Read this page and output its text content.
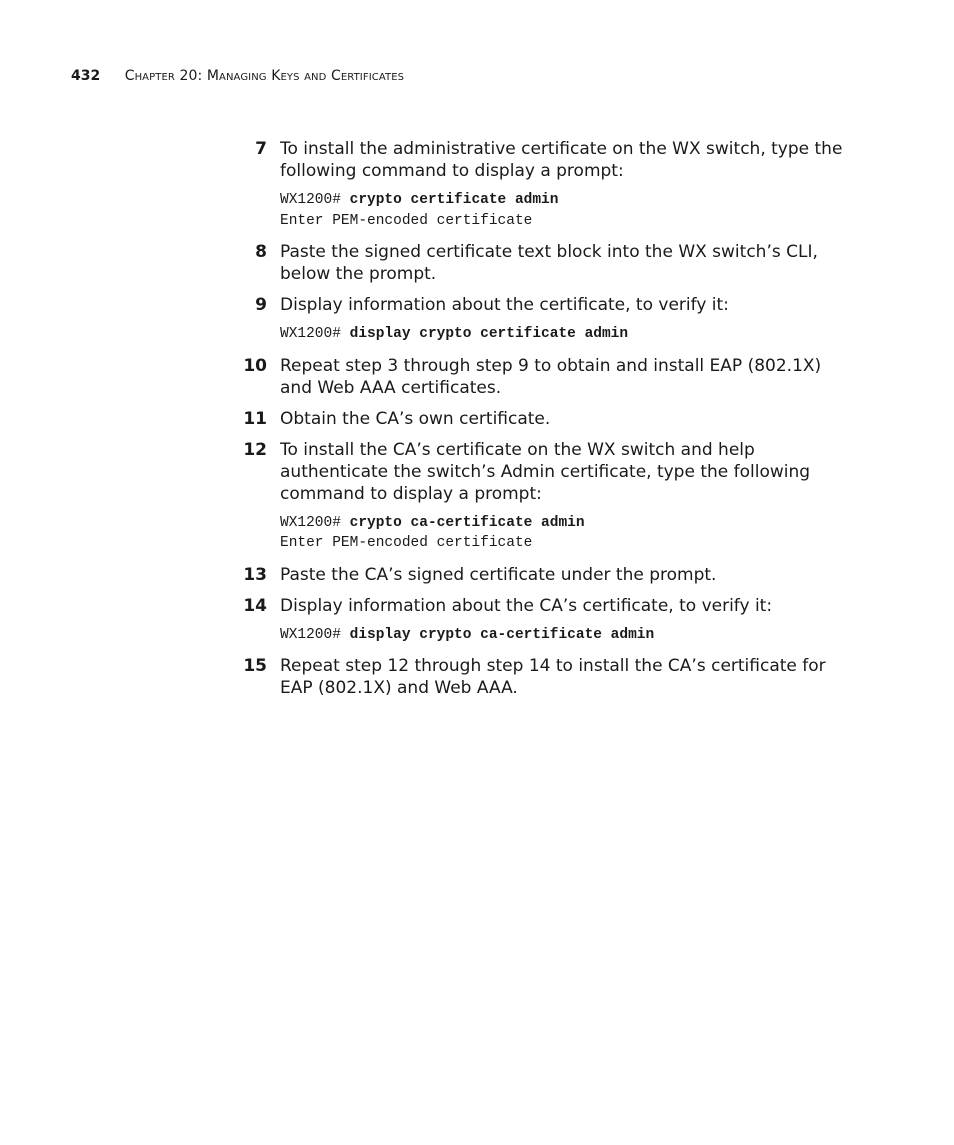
432 Chapter 20: Managing Keys and Certificates
7 To install the administrative certificate on the WX switch, type the following command to display a prompt:
WX1200# crypto certificate admin
Enter PEM-encoded certificate
8 Paste the signed certificate text block into the WX switch’s CLI, below the prompt.
9 Display information about the certificate, to verify it:
WX1200# display crypto certificate admin
10 Repeat step 3 through step 9 to obtain and install EAP (802.1X) and Web AAA certificates.
11 Obtain the CA’s own certificate.
12 To install the CA’s certificate on the WX switch and help authenticate the switch’s Admin certificate, type the following command to display a prompt:
WX1200# crypto ca-certificate admin
Enter PEM-encoded certificate
13 Paste the CA’s signed certificate under the prompt.
14 Display information about the CA’s certificate, to verify it:
WX1200# display crypto ca-certificate admin
15 Repeat step 12 through step 14 to install the CA’s certificate for EAP (802.1X) and Web AAA.
